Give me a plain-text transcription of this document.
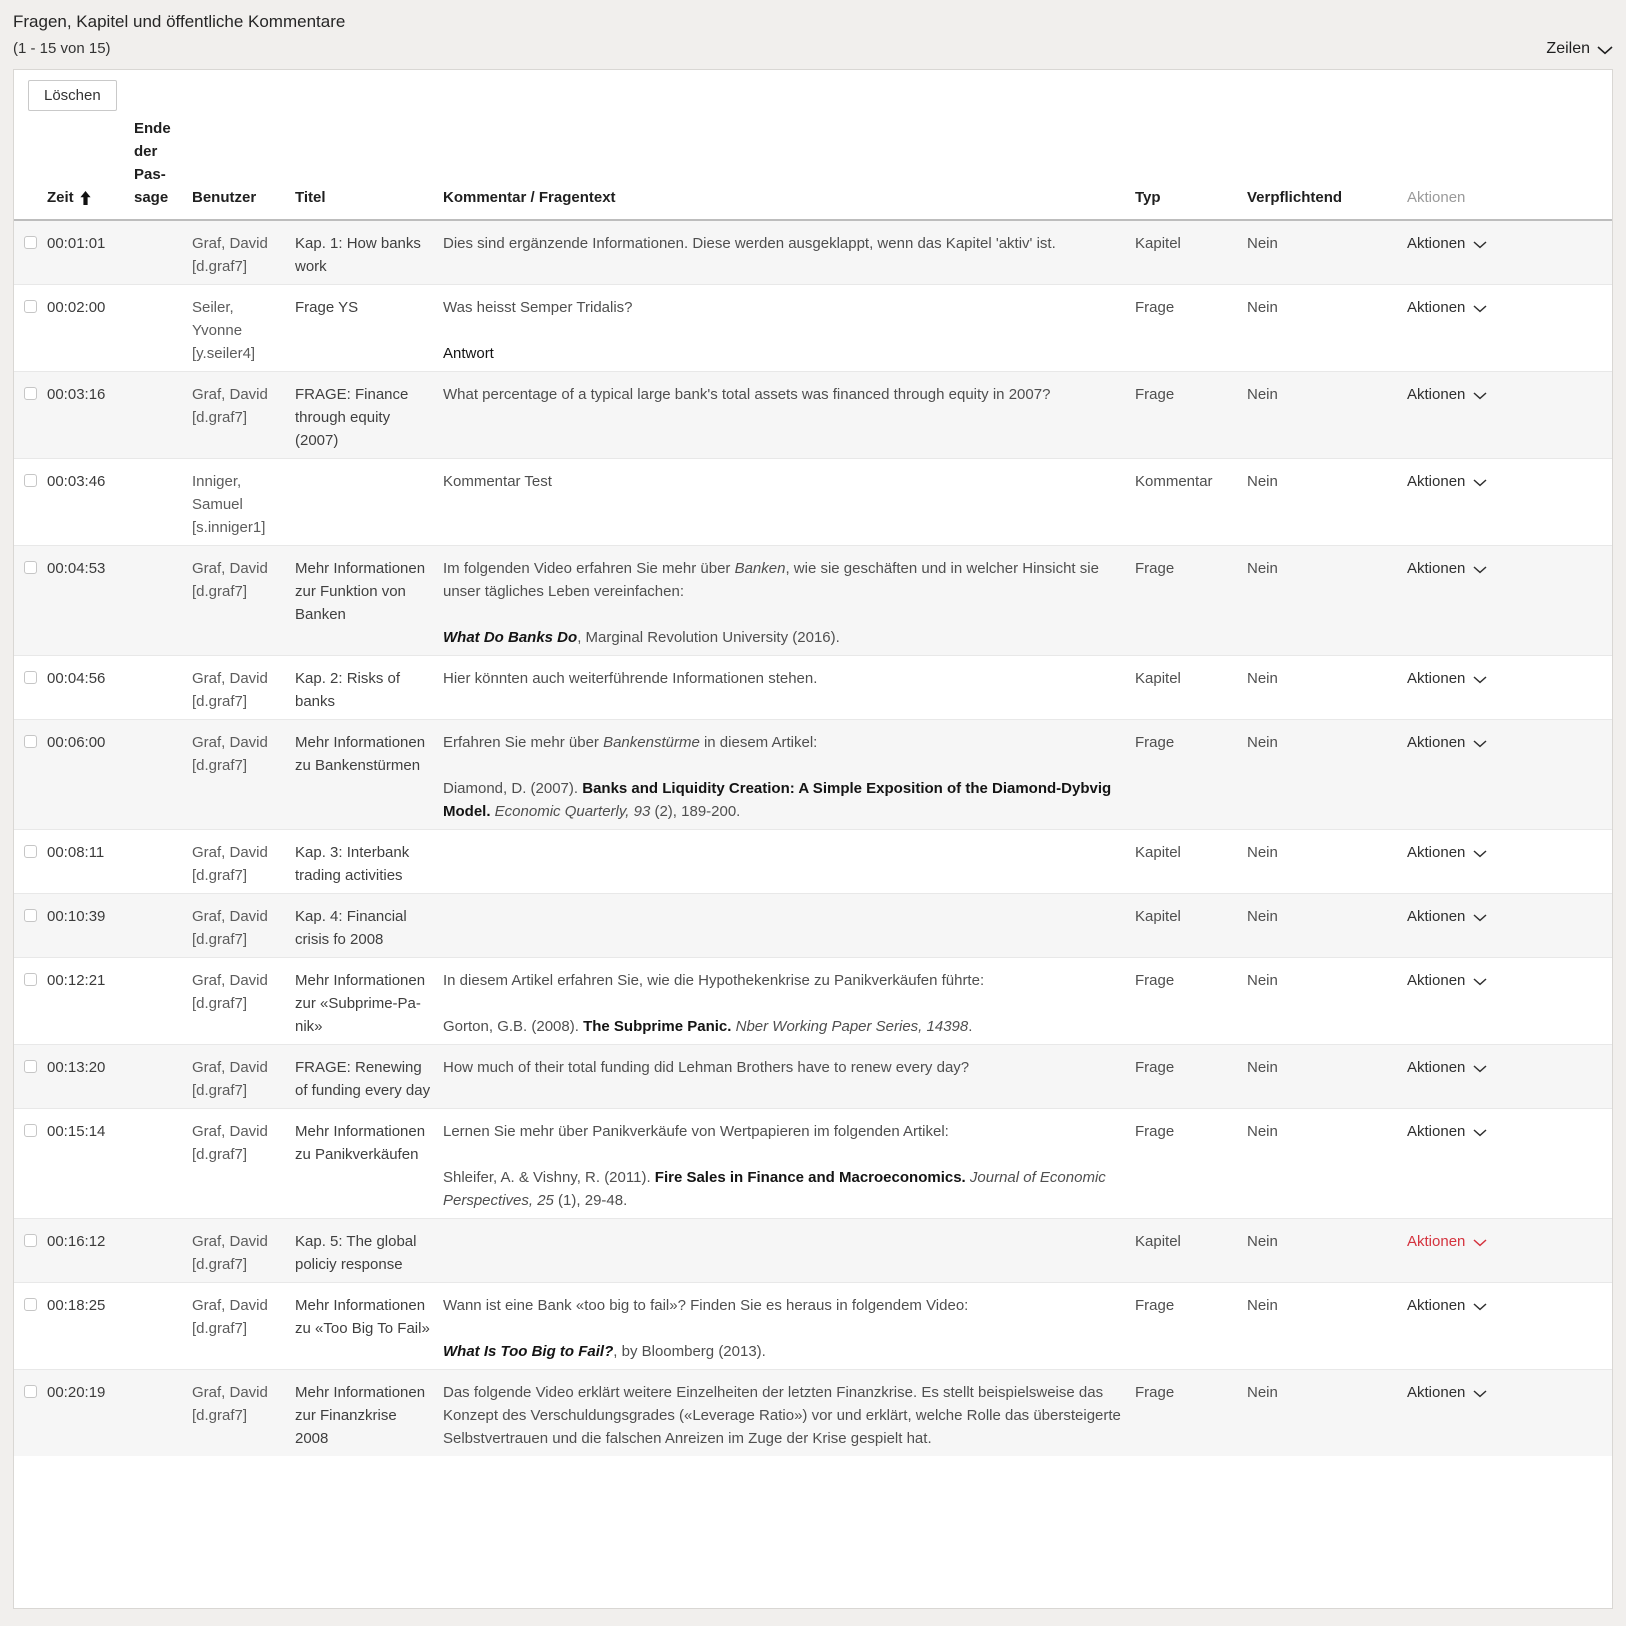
Fragen, Kapitel und öffentliche Kommentare
(1 - 15 von 15)	Zeilen
Löschen

	Zeit	Ende der Passage	Benutzer	Titel	Kommentar / Fragentext	Typ	Verpflichtend	Aktionen

	00:01:01		Graf, David [d.graf7]	Kap. 1: How banks work	Dies sind ergänzende Informationen. Diese werden ausgeklappt, wenn das Kapitel 'aktiv' ist.	Kapitel	Nein	Aktionen

	00:02:00		Seiler, Yvonne [y.seiler4]	Frage YS	Was heisst Semper Tridalis?

Antwort	Frage	Nein	Aktionen

	00:03:16		Graf, David [d.graf7]	FRAGE: Finance through equity (2007)	What percentage of a typical large bank's total assets was financed through equity in 2007?	Frage	Nein	Aktionen

	00:03:46		Inniger, Samuel [s.inniger1]		Kommentar Test	Kommentar	Nein	Aktionen

	00:04:53		Graf, David [d.graf7]	Mehr Informationen zur Funktion von Banken	Im folgenden Video erfahren Sie mehr über Banken, wie sie geschäften und in welcher Hinsicht sie unser tägliches Leben vereinfachen:

What Do Banks Do, Marginal Revolution University (2016).	Frage	Nein	Aktionen

	00:04:56		Graf, David [d.graf7]	Kap. 2: Risks of banks	Hier könnten auch weiterführende Informationen stehen.	Kapitel	Nein	Aktionen

	00:06:00		Graf, David [d.graf7]	Mehr Informationen zu Bankenstürmen	Erfahren Sie mehr über Bankenstürme in diesem Artikel:

Diamond, D. (2007). Banks and Liquidity Creation: A Simple Exposition of the Diamond-Dybvig Model. Economic Quarterly, 93 (2), 189-200.	Frage	Nein	Aktionen

	00:08:11		Graf, David [d.graf7]	Kap. 3: Interbank trading activities		Kapitel	Nein	Aktionen

	00:10:39		Graf, David [d.graf7]	Kap. 4: Financial crisis fo 2008		Kapitel	Nein	Aktionen

	00:12:21		Graf, David [d.graf7]	Mehr Informationen zur «Subprime-Panik»	In diesem Artikel erfahren Sie, wie die Hypothekenkrise zu Panikverkäufen führte:

Gorton, G.B. (2008). The Subprime Panic. Nber Working Paper Series, 14398.	Frage	Nein	Aktionen

	00:13:20		Graf, David [d.graf7]	FRAGE: Renewing of funding every day	How much of their total funding did Lehman Brothers have to renew every day?	Frage	Nein	Aktionen

	00:15:14		Graf, David [d.graf7]	Mehr Informationen zu Panikverkäufen	Lernen Sie mehr über Panikverkäufe von Wertpapieren im folgenden Artikel:

Shleifer, A. & Vishny, R. (2011). Fire Sales in Finance and Macroeconomics. Journal of Economic Perspectives, 25 (1), 29-48.	Frage	Nein	Aktionen

	00:16:12		Graf, David [d.graf7]	Kap. 5: The global policiy response		Kapitel	Nein	Aktionen

	00:18:25		Graf, David [d.graf7]	Mehr Informationen zu «Too Big To Fail»	Wann ist eine Bank «too big to fail»? Finden Sie es heraus in folgendem Video:

What Is Too Big to Fail?, by Bloomberg (2013).	Frage	Nein	Aktionen

	00:20:19		Graf, David [d.graf7]	Mehr Informationen zur Finanzkrise 2008	Das folgende Video erklärt weitere Einzelheiten der letzten Finanzkrise. Es stellt beispielsweise das Konzept des Verschuldungsgrades («Leverage Ratio») vor und erklärt, welche Rolle das übersteigerte Selbstvertrauen und die falschen Anreizen im Zuge der Krise gespielt hat.	Frage	Nein	Aktionen
